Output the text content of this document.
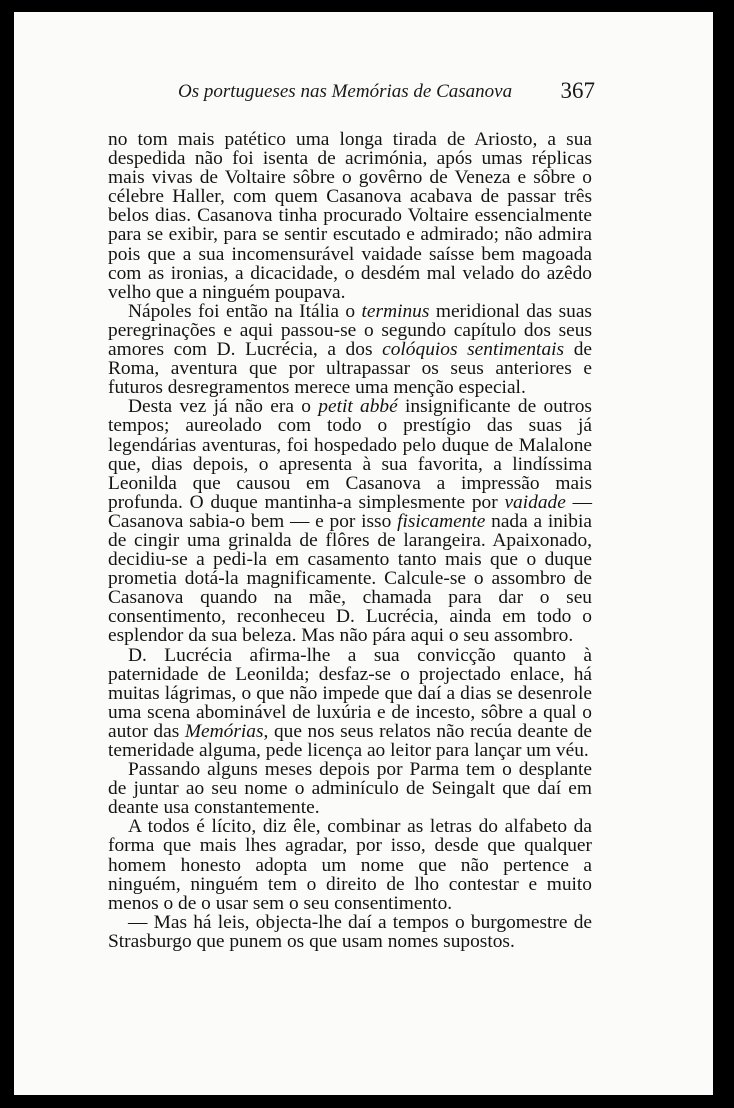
Os portugueses nas Memórias de Casanova 367

no tom mais patético uma longa tirada de Ariosto, a sua despedida não foi isenta de acrimónia, após umas réplicas mais vivas de Voltaire sôbre o govêrno de Veneza e sôbre o célebre Haller, com quem Casanova acabava de passar três belos dias. Casanova tinha procurado Voltaire essencialmente para se exibir, para se sentir escutado e admirado; não admira pois que a sua incomensurável vaidade saísse bem magoada com as ironias, a dicacidade, o desdém mal velado do azêdo velho que a ninguém poupava.

Nápoles foi então na Itália o terminus meridional das suas peregrinações e aqui passou-se o segundo capítulo dos seus amores com D. Lucrécia, a dos colóquios sentimentais de Roma, aventura que por ultrapassar os seus anteriores e futuros desregramentos merece uma menção especial.

Desta vez já não era o petit abbé insignificante de outros tempos; aureolado com todo o prestígio das suas já legendárias aventuras, foi hospedado pelo duque de Malalone que, dias depois, o apresenta à sua favorita, a lindíssima Leonilda que causou em Casanova a impressão mais profunda. O duque mantinha-a simplesmente por vaidade — Casanova sabia-o bem — e por isso fisicamente nada a inibia de cingir uma grinalda de flôres de larangeira. Apaixonado, decidiu-se a pedi-la em casamento tanto mais que o duque prometia dotá-la magnificamente. Calcule-se o assombro de Casanova quando na mãe, chamada para dar o seu consentimento, reconheceu D. Lucrécia, ainda em todo o esplendor da sua beleza. Mas não pára aqui o seu assombro.

D. Lucrécia afirma-lhe a sua convicção quanto à paternidade de Leonilda; desfaz-se o projectado enlace, há muitas lágrimas, o que não impede que daí a dias se desenrole uma scena abominável de luxúria e de incesto, sôbre a qual o autor das Memórias, que nos seus relatos não recúa deante de temeridade alguma, pede licença ao leitor para lançar um véu.

Passando alguns meses depois por Parma tem o desplante de juntar ao seu nome o adminículo de Seingalt que daí em deante usa constantemente.

A todos é lícito, diz êle, combinar as letras do alfabeto da forma que mais lhes agradar, por isso, desde que qualquer homem honesto adopta um nome que não pertence a ninguém, ninguém tem o direito de lho contestar e muito menos o de o usar sem o seu consentimento.

— Mas há leis, objecta-lhe daí a tempos o burgomestre de Strasburgo que punem os que usam nomes supostos.
